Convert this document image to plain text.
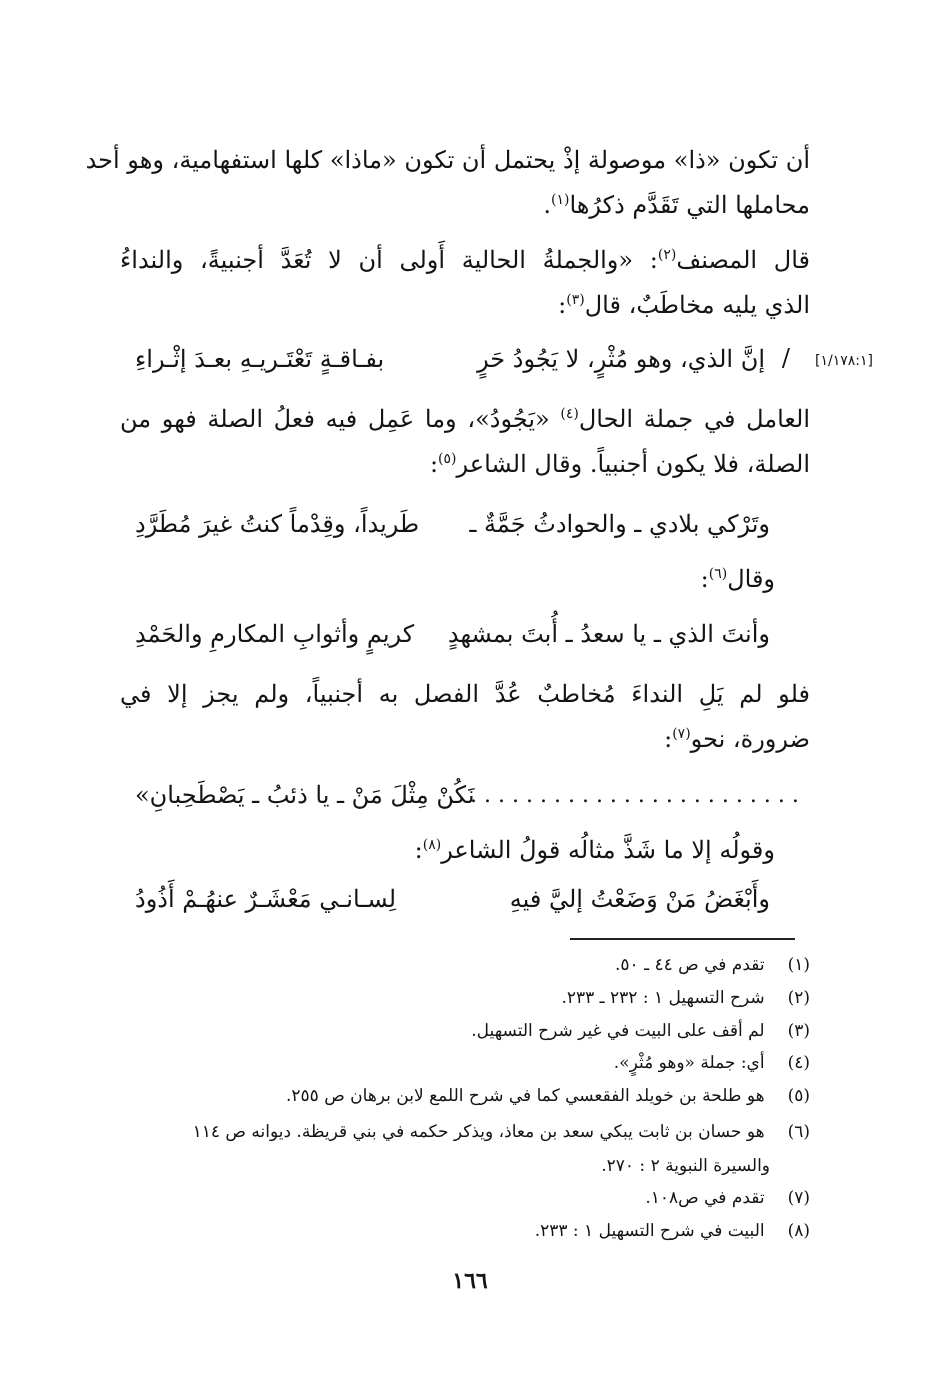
أن تكون «ذا» موصولة إذْ يحتمل أن تكون «ماذا» كلها استفهامية، وهو أحد
محاملها التي تَقَدَّم ذكرُها$^{(١)}$.
قال المصنف$^{(٢)}$: «والجملةُ الحالية أَولى أن لا تُعَدَّ أجنبيةً، والنداءُ
الذي يليه مخاطَبٌ، قال$^{(٣)}$:
[١/١٧٨:١]
/
إنَّ الذي، وهو مُثْرٍ، لا يَجُودُ حَرٍ
بفـاقـةٍ تَعْتَـريـهِ بعـدَ إثْـراءِ
العامل في جملة الحال$^{(٤)}$ «يَجُودُ»، وما عَمِل فيه فعلُ الصلة فهو من
الصلة، فلا يكون أجنبياً. وقال الشاعر$^{(٥)}$:
وتَرْكي بلادي ـ والحوادثُ جَمَّةٌ ـ
طَريداً، وقِدْماً كنتُ غيرَ مُطَرَّدِ
وقال$^{(٦)}$:
وأنتَ الذي ـ يا سعدُ ـ أُبتَ بمشهدٍ
كريمٍ وأثوابِ المكارمِ والحَمْدِ
فلو لم يَلِ النداءَ مُخاطبٌ عُدَّ الفصل به أجنبياً، ولم يجز إلا في
ضرورة، نحو$^{(٧)}$:
........................
نَكُنْ مِثْلَ مَنْ ـ يا ذئبُ ـ يَصْطَحِبانِ»
وقولُه إلا ما شَذَّ مثالُه قولُ الشاعر$^{(٨)}$:
وأَبْغَضُ مَنْ وَضَعْتُ إليَّ فيهِ
لِسـانـي مَعْشَـرٌ عنهُـمْ أَذُودُ
(١) تقدم في ص ٤٤ ـ ٥٠.
(٢) شرح التسهيل ١ : ٢٣٢ ـ ٢٣٣.
(٣) لم أقف على البيت في غير شرح التسهيل.
(٤) أي: جملة «وهو مُثْرٍ».
(٥) هو طلحة بن خويلد الفقعسي كما في شرح اللمع لابن برهان ص ٢٥٥.
(٦) هو حسان بن ثابت يبكي سعد بن معاذ، ويذكر حكمه في بني قريظة. ديوانه ص ١١٤
والسيرة النبوية ٢ : ٢٧٠.
(٧) تقدم في ص١٠٨.
(٨) البيت في شرح التسهيل ١ : ٢٣٣.
١٦٦
